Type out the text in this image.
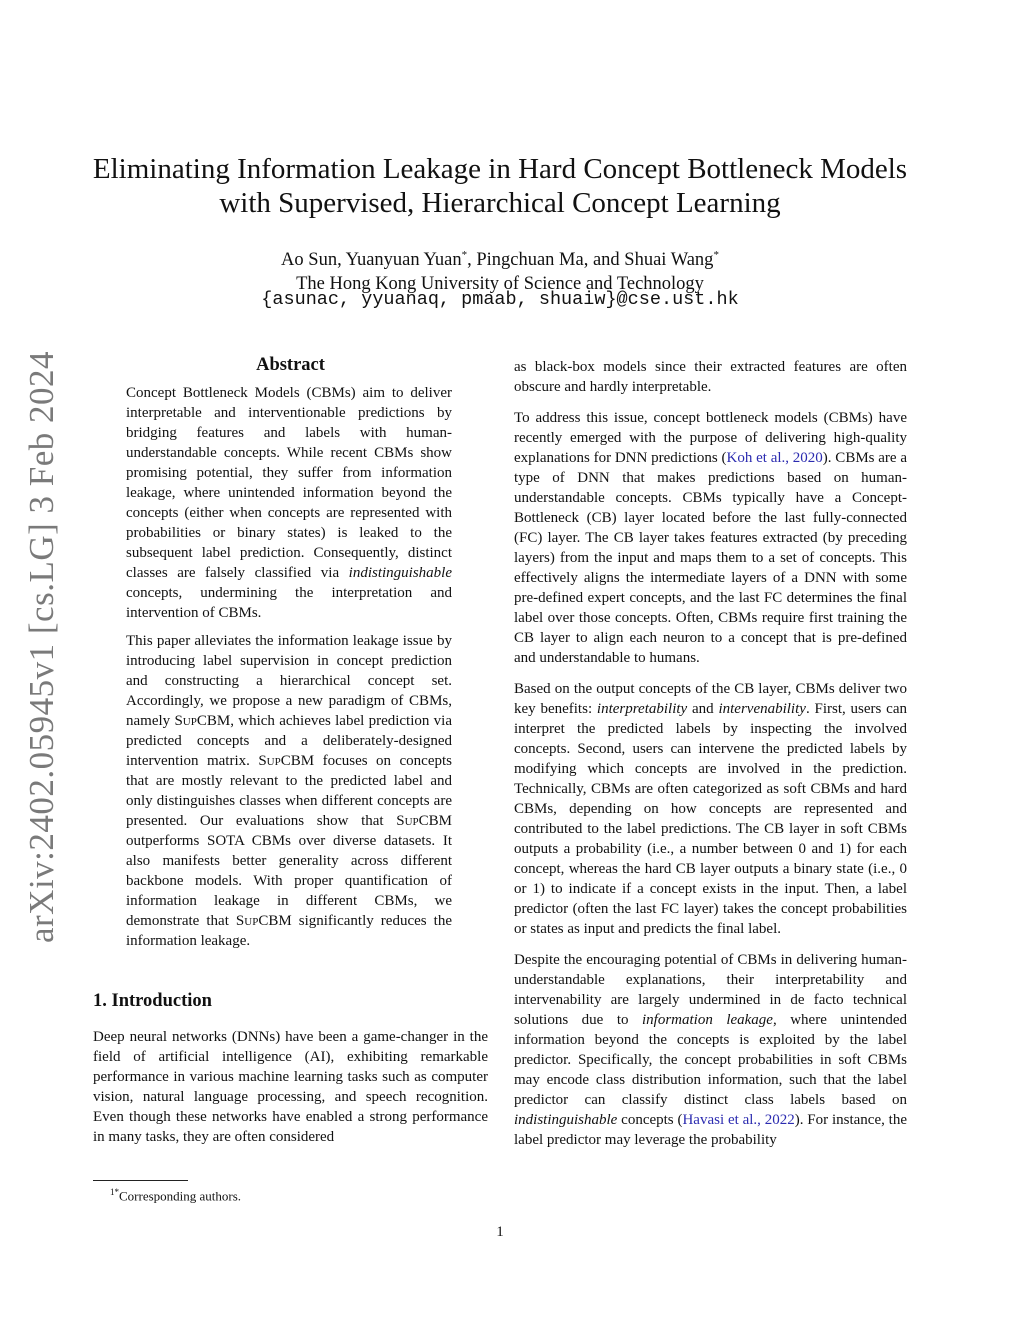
arXiv:2402.05945v1 [cs.LG] 3 Feb 2024
Eliminating Information Leakage in Hard Concept Bottleneck Models
with Supervised, Hierarchical Concept Learning
Ao Sun, Yuanyuan Yuan*, Pingchuan Ma, and Shuai Wang*
The Hong Kong University of Science and Technology
{asunac, yyuanaq, pmaab, shuaiw}@cse.ust.hk
Abstract

Concept Bottleneck Models (CBMs) aim to deliver interpretable and interventionable predictions by bridging features and labels with human-understandable concepts. While recent CBMs show promising potential, they suffer from information leakage, where unintended information beyond the concepts (either when concepts are represented with probabilities or binary states) is leaked to the subsequent label prediction. Consequently, distinct classes are falsely classified via indistinguishable concepts, undermining the interpretation and intervention of CBMs.

This paper alleviates the information leakage issue by introducing label supervision in concept prediction and constructing a hierarchical concept set. Accordingly, we propose a new paradigm of CBMs, namely SupCBM, which achieves label prediction via predicted concepts and a deliberately-designed intervention matrix. SupCBM focuses on concepts that are mostly relevant to the predicted label and only distinguishes classes when different concepts are presented. Our evaluations show that SupCBM outperforms SOTA CBMs over diverse datasets. It also manifests better generality across different backbone models. With proper quantification of information leakage in different CBMs, we demonstrate that SupCBM significantly reduces the information leakage.

1. Introduction

Deep neural networks (DNNs) have been a game-changer in the field of artificial intelligence (AI), exhibiting remarkable performance in various machine learning tasks such as computer vision, natural language processing, and speech recognition. Even though these networks have enabled a strong performance in many tasks, they are often considered

as black-box models since their extracted features are often obscure and hardly interpretable.

To address this issue, concept bottleneck models (CBMs) have recently emerged with the purpose of delivering high-quality explanations for DNN predictions (Koh et al., 2020). CBMs are a type of DNN that makes predictions based on human-understandable concepts. CBMs typically have a Concept-Bottleneck (CB) layer located before the last fully-connected (FC) layer. The CB layer takes features extracted (by preceding layers) from the input and maps them to a set of concepts. This effectively aligns the intermediate layers of a DNN with some pre-defined expert concepts, and the last FC determines the final label over those concepts. Often, CBMs require first training the CB layer to align each neuron to a concept that is pre-defined and understandable to humans.

Based on the output concepts of the CB layer, CBMs deliver two key benefits: interpretability and intervenability. First, users can interpret the predicted labels by inspecting the involved concepts. Second, users can intervene the predicted labels by modifying which concepts are involved in the prediction. Technically, CBMs are often categorized as soft CBMs and hard CBMs, depending on how concepts are represented and contributed to the label predictions. The CB layer in soft CBMs outputs a probability (i.e., a number between 0 and 1) for each concept, whereas the hard CB layer outputs a binary state (i.e., 0 or 1) to indicate if a concept exists in the input. Then, a label predictor (often the last FC layer) takes the concept probabilities or states as input and predicts the final label.

Despite the encouraging potential of CBMs in delivering human-understandable explanations, their interpretability and intervenability are largely undermined in de facto technical solutions due to information leakage, where unintended information beyond the concepts is exploited by the label predictor. Specifically, the concept probabilities in soft CBMs may encode class distribution information, such that the label predictor can classify distinct class labels based on indistinguishable concepts (Havasi et al., 2022). For instance, the label predictor may leverage the probability

$^{1*}$Corresponding authors.
1
